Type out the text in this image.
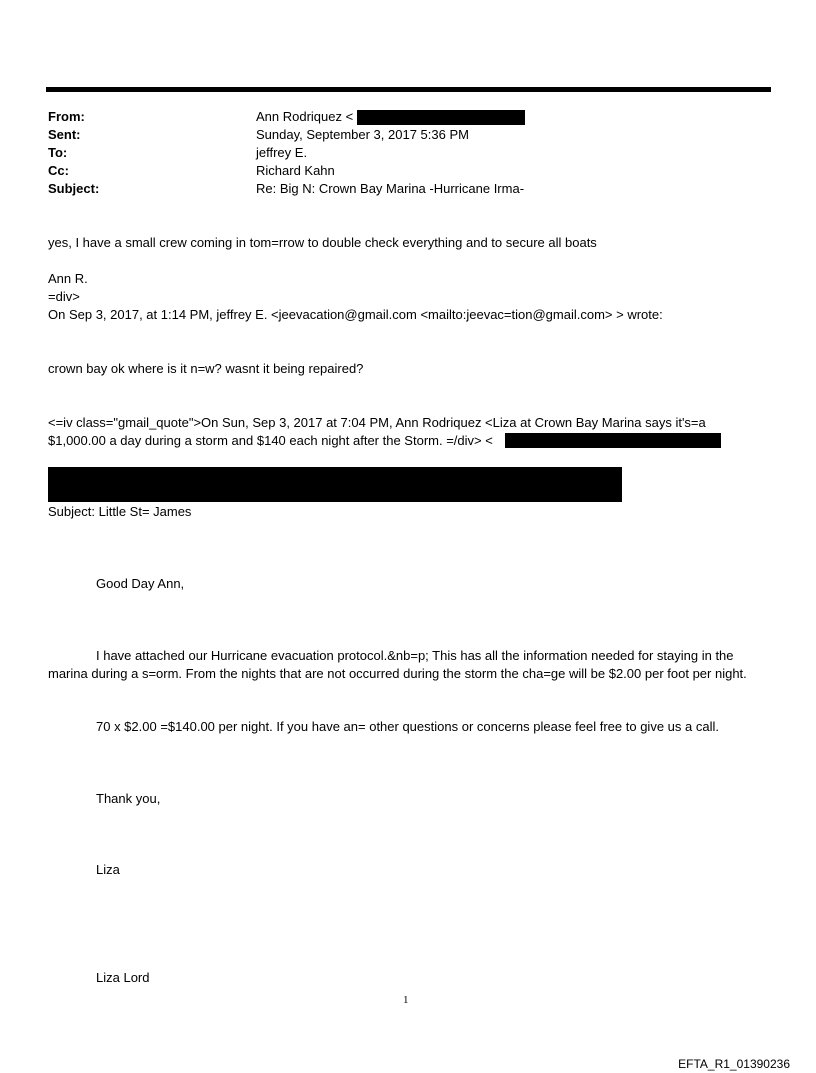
From:	Ann Rodriquez <
Sent:	Sunday, September 3, 2017 5:36 PM
To:	jeffrey E.
Cc:	Richard Kahn
Subject:	Re: Big N: Crown Bay Marina -Hurricane Irma-
yes, I have a small crew coming in tom=rrow to double check everything and to secure all boats
Ann R.
=div>
On Sep 3, 2017, at 1:14 PM, jeffrey E. <jeevacation@gmail.com <mailto:jeevac=tion@gmail.com> > wrote:
crown bay ok where is it n=w? wasnt it being repaired?
<=iv class="gmail_quote">On Sun, Sep 3, 2017 at 7:04 PM, Ann Rodriquez <Liza at Crown Bay Marina says it's=a
$1,000.00 a day during a storm and $140 each night after the Storm. =/div> <
Subject: Little St= James
Good Day Ann,
I have attached our Hurricane evacuation protocol.&nb=p; This has all the information needed for staying in the marina during a s=orm. From the nights that are not occurred during the storm the cha=ge will be $2.00 per foot per night.
70 x $2.00 =$140.00 per night. If you have an= other questions or concerns please feel free to give us a call.
Thank you,
Liza
Liza Lord
1
EFTA_R1_01390236
